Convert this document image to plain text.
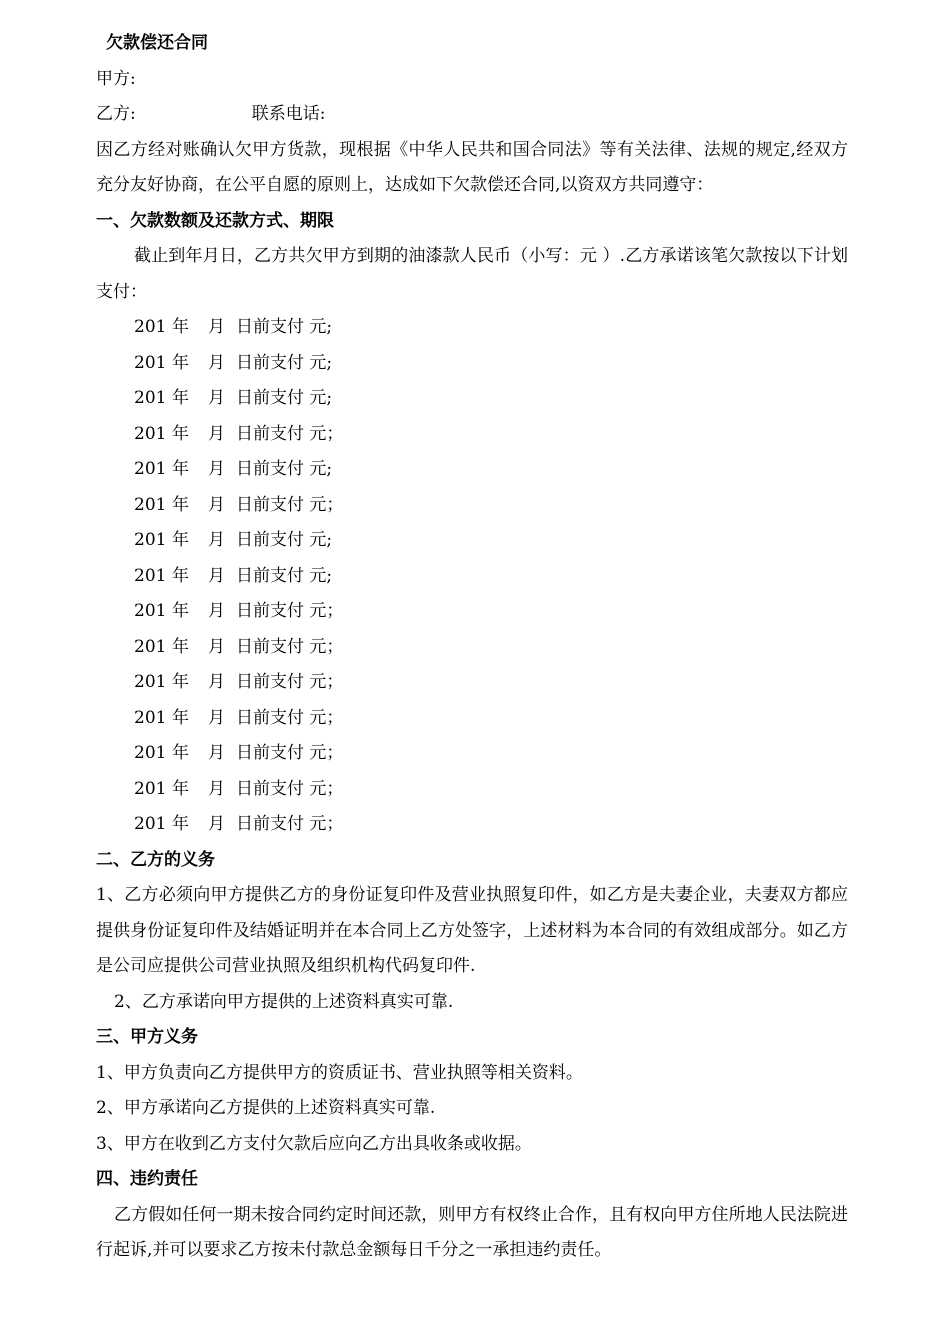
欠款偿还合同
甲方:
乙方:	联系电话:

因乙方经对账确认欠甲方货款，现根据《中华人民共和国合同法》等有关法律、法规的规定,经双方充分友好协商，在公平自愿的原则上，达成如下欠款偿还合同,以资双方共同遵守：

一、欠款数额及还款方式、期限

截止到年月日，乙方共欠甲方到期的油漆款人民币（小写：元 ）.乙方承诺该笔欠款按以下计划支付：

201 年 月 日前支付 元;
201 年 月 日前支付 元;
201 年 月 日前支付 元;
201 年 月 日前支付 元；
201 年 月 日前支付 元;
201 年 月 日前支付 元；
201 年 月 日前支付 元;
201 年 月 日前支付 元;
201 年 月 日前支付 元；
201 年 月 日前支付 元；
201 年 月 日前支付 元；
201 年 月 日前支付 元；
201 年 月 日前支付 元；
201 年 月 日前支付 元；
201 年 月 日前支付 元；
二、乙方的义务

1、乙方必须向甲方提供乙方的身份证复印件及营业执照复印件，如乙方是夫妻企业，夫妻双方都应提供身份证复印件及结婚证明并在本合同上乙方处签字，上述材料为本合同的有效组成部分。如乙方是公司应提供公司营业执照及组织机构代码复印件.

2、乙方承诺向甲方提供的上述资料真实可靠.

三、甲方义务
1、甲方负责向乙方提供甲方的资质证书、营业执照等相关资料。
2、甲方承诺向乙方提供的上述资料真实可靠.
3、甲方在收到乙方支付欠款后应向乙方出具收条或收据。
四、违约责任

乙方假如任何一期未按合同约定时间还款，则甲方有权终止合作，且有权向甲方住所地人民法院进行起诉,并可以要求乙方按未付款总金额每日千分之一承担违约责任。
